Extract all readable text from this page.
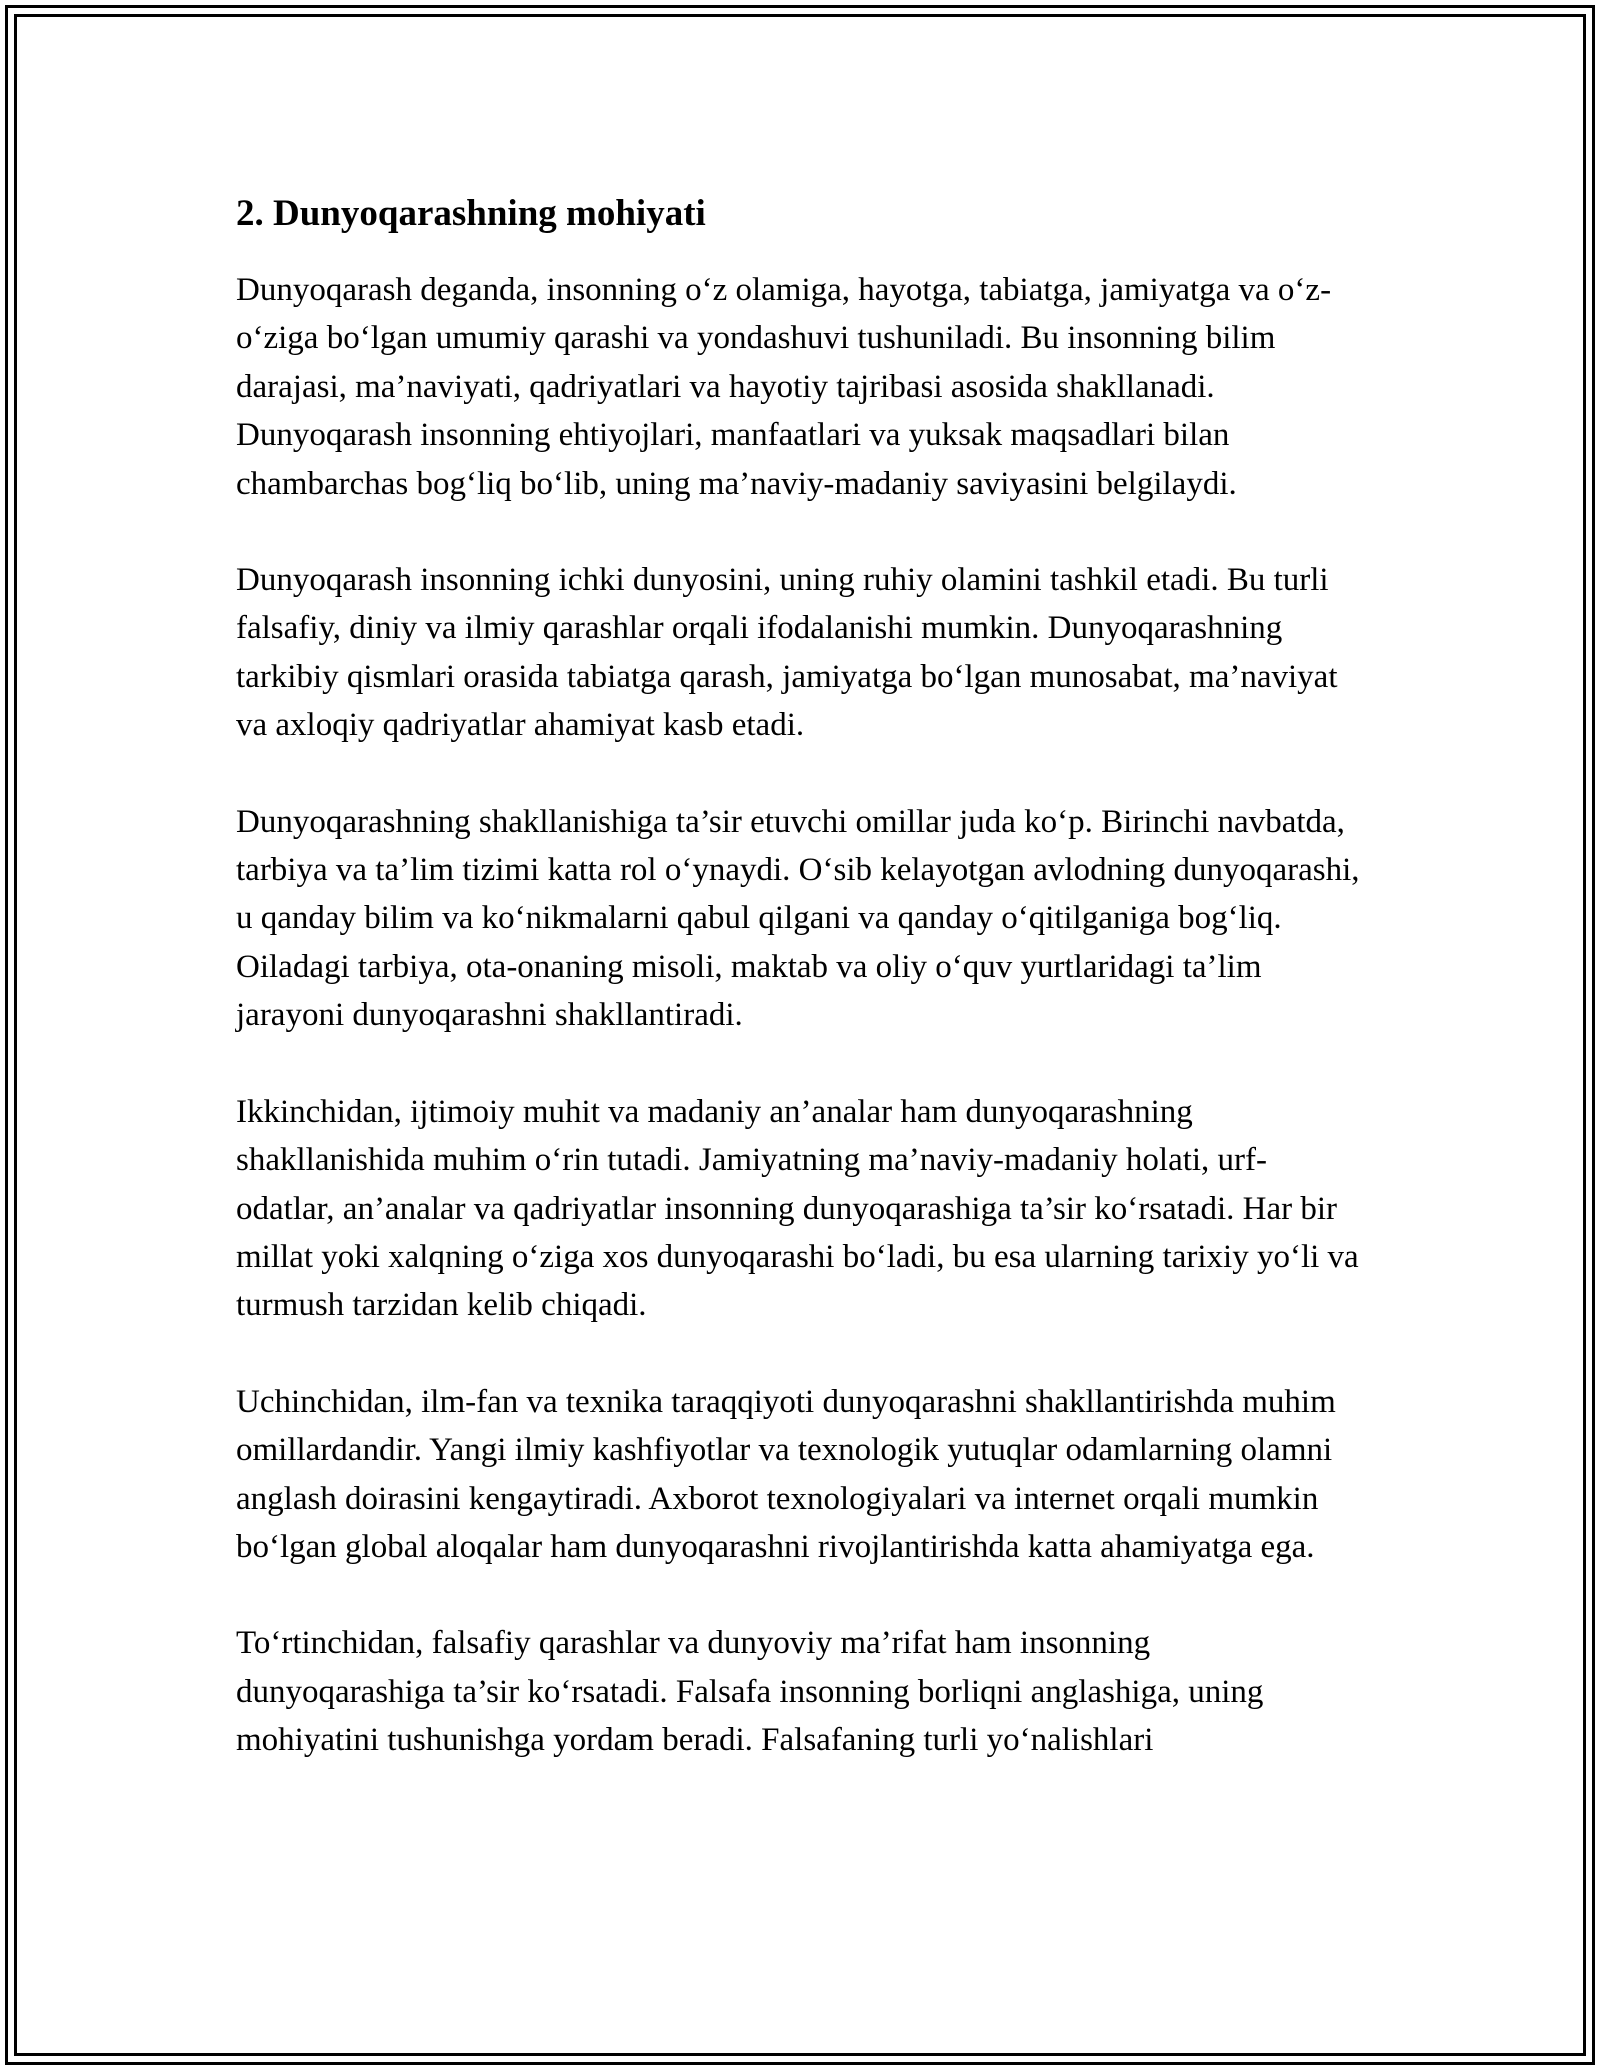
2. Dunyoqarashning mohiyati

Dunyoqarash deganda, insonning o‘z olamiga, hayotga, tabiatga, jamiyatga va o‘z-o‘ziga bo‘lgan umumiy qarashi va yondashuvi tushuniladi. Bu insonning bilim darajasi, ma’naviyati, qadriyatlari va hayotiy tajribasi asosida shakllanadi. Dunyoqarash insonning ehtiyojlari, manfaatlari va yuksak maqsadlari bilan chambarchas bog‘liq bo‘lib, uning ma’naviy-madaniy saviyasini belgilaydi.

Dunyoqarash insonning ichki dunyosini, uning ruhiy olamini tashkil etadi. Bu turli falsafiy, diniy va ilmiy qarashlar orqali ifodalanishi mumkin. Dunyoqarashning tarkibiy qismlari orasida tabiatga qarash, jamiyatga bo‘lgan munosabat, ma’naviyat va axloqiy qadriyatlar ahamiyat kasb etadi.

Dunyoqarashning shakllanishiga ta’sir etuvchi omillar juda ko‘p. Birinchi navbatda, tarbiya va ta’lim tizimi katta rol o‘ynaydi. O‘sib kelayotgan avlodning dunyoqarashi, u qanday bilim va ko‘nikmalarni qabul qilgani va qanday o‘qitilganiga bog‘liq. Oiladagi tarbiya, ota-onaning misoli, maktab va oliy o‘quv yurtlaridagi ta’lim jarayoni dunyoqarashni shakllantiradi.

Ikkinchidan, ijtimoiy muhit va madaniy an’analar ham dunyoqarashning shakllanishida muhim o‘rin tutadi. Jamiyatning ma’naviy-madaniy holati, urf-odatlar, an’analar va qadriyatlar insonning dunyoqarashiga ta’sir ko‘rsatadi. Har bir millat yoki xalqning o‘ziga xos dunyoqarashi bo‘ladi, bu esa ularning tarixiy yo‘li va turmush tarzidan kelib chiqadi.

Uchinchidan, ilm-fan va texnika taraqqiyoti dunyoqarashni shakllantirishda muhim omillardandir. Yangi ilmiy kashfiyotlar va texnologik yutuqlar odamlarning olamni anglash doirasini kengaytiradi. Axborot texnologiyalari va internet orqali mumkin bo‘lgan global aloqalar ham dunyoqarashni rivojlantirishda katta ahamiyatga ega.

To‘rtinchidan, falsafiy qarashlar va dunyoviy ma’rifat ham insonning dunyoqarashiga ta’sir ko‘rsatadi. Falsafa insonning borliqni anglashiga, uning mohiyatini tushunishga yordam beradi. Falsafaning turli yo‘nalishlari
